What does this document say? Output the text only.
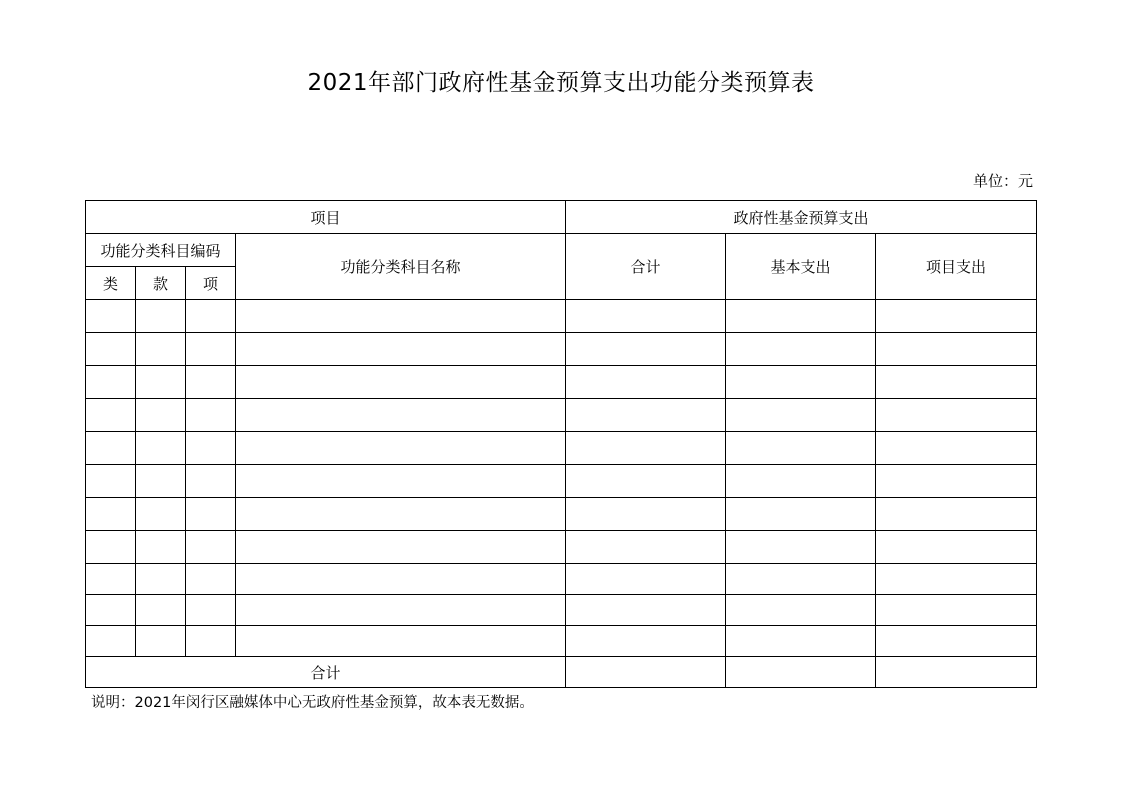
2021年部门政府性基金预算支出功能分类预算表
单位：元
项目				政府性基金预算支出		
功能分类科目编码			功能分类科目名称	合计	基本支出	项目支出
类	款	项				

合计						
说明：2021年闵行区融媒体中心无政府性基金预算，故本表无数据。
